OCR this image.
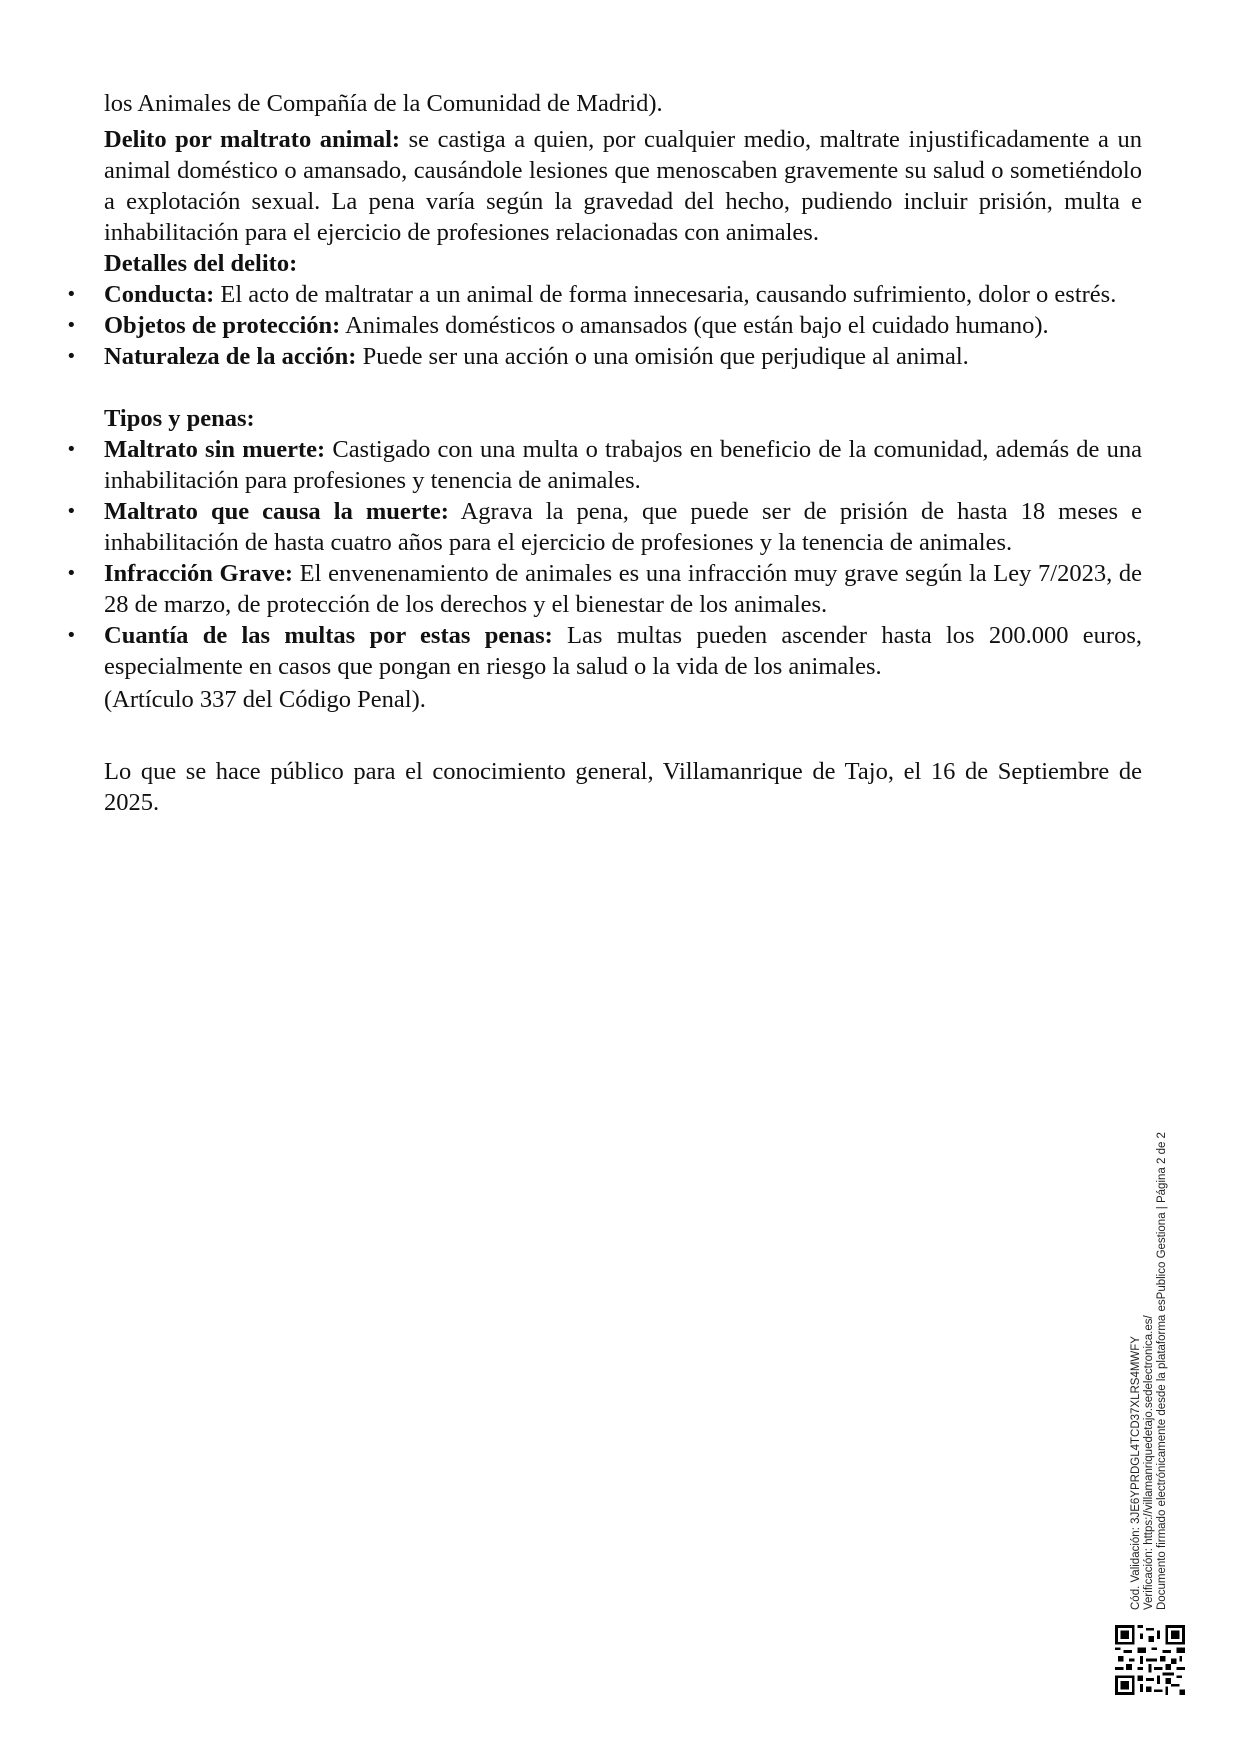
los Animales de Compañía de la Comunidad de Madrid).

Delito por maltrato animal: se castiga a quien, por cualquier medio, maltrate injustificadamente a un animal doméstico o amansado, causándole lesiones que menoscaben gravemente su salud o sometiéndolo a explotación sexual. La pena varía según la gravedad del hecho, pudiendo incluir prisión, multa e inhabilitación para el ejercicio de profesiones relacionadas con animales.

Detalles del delito:

• Conducta: El acto de maltratar a un animal de forma innecesaria, causando sufrimiento, dolor o estrés.
• Objetos de protección: Animales domésticos o amansados (que están bajo el cuidado humano).
• Naturaleza de la acción: Puede ser una acción o una omisión que perjudique al animal.

Tipos y penas:

• Maltrato sin muerte: Castigado con una multa o trabajos en beneficio de la comunidad, además de una inhabilitación para profesiones y tenencia de animales.
• Maltrato que causa la muerte: Agrava la pena, que puede ser de prisión de hasta 18 meses e inhabilitación de hasta cuatro años para el ejercicio de profesiones y la tenencia de animales.
• Infracción Grave: El envenenamiento de animales es una infracción muy grave según la Ley 7/2023, de 28 de marzo, de protección de los derechos y el bienestar de los animales.
• Cuantía de las multas por estas penas: Las multas pueden ascender hasta los 200.000 euros, especialmente en casos que pongan en riesgo la salud o la vida de los animales.

(Artículo 337 del Código Penal).

Lo que se hace público para el conocimiento general, Villamanrique de Tajo, el 16 de Septiembre de 2025.

Cód. Validación: 3JE6YPRDGL4TCD37XLRS4MWFY Verificación: https://villamanriquedetajo.sedelectronica.es/ Documento firmado electrónicamente desde la plataforma esPublico Gestiona | Página 2 de 2
